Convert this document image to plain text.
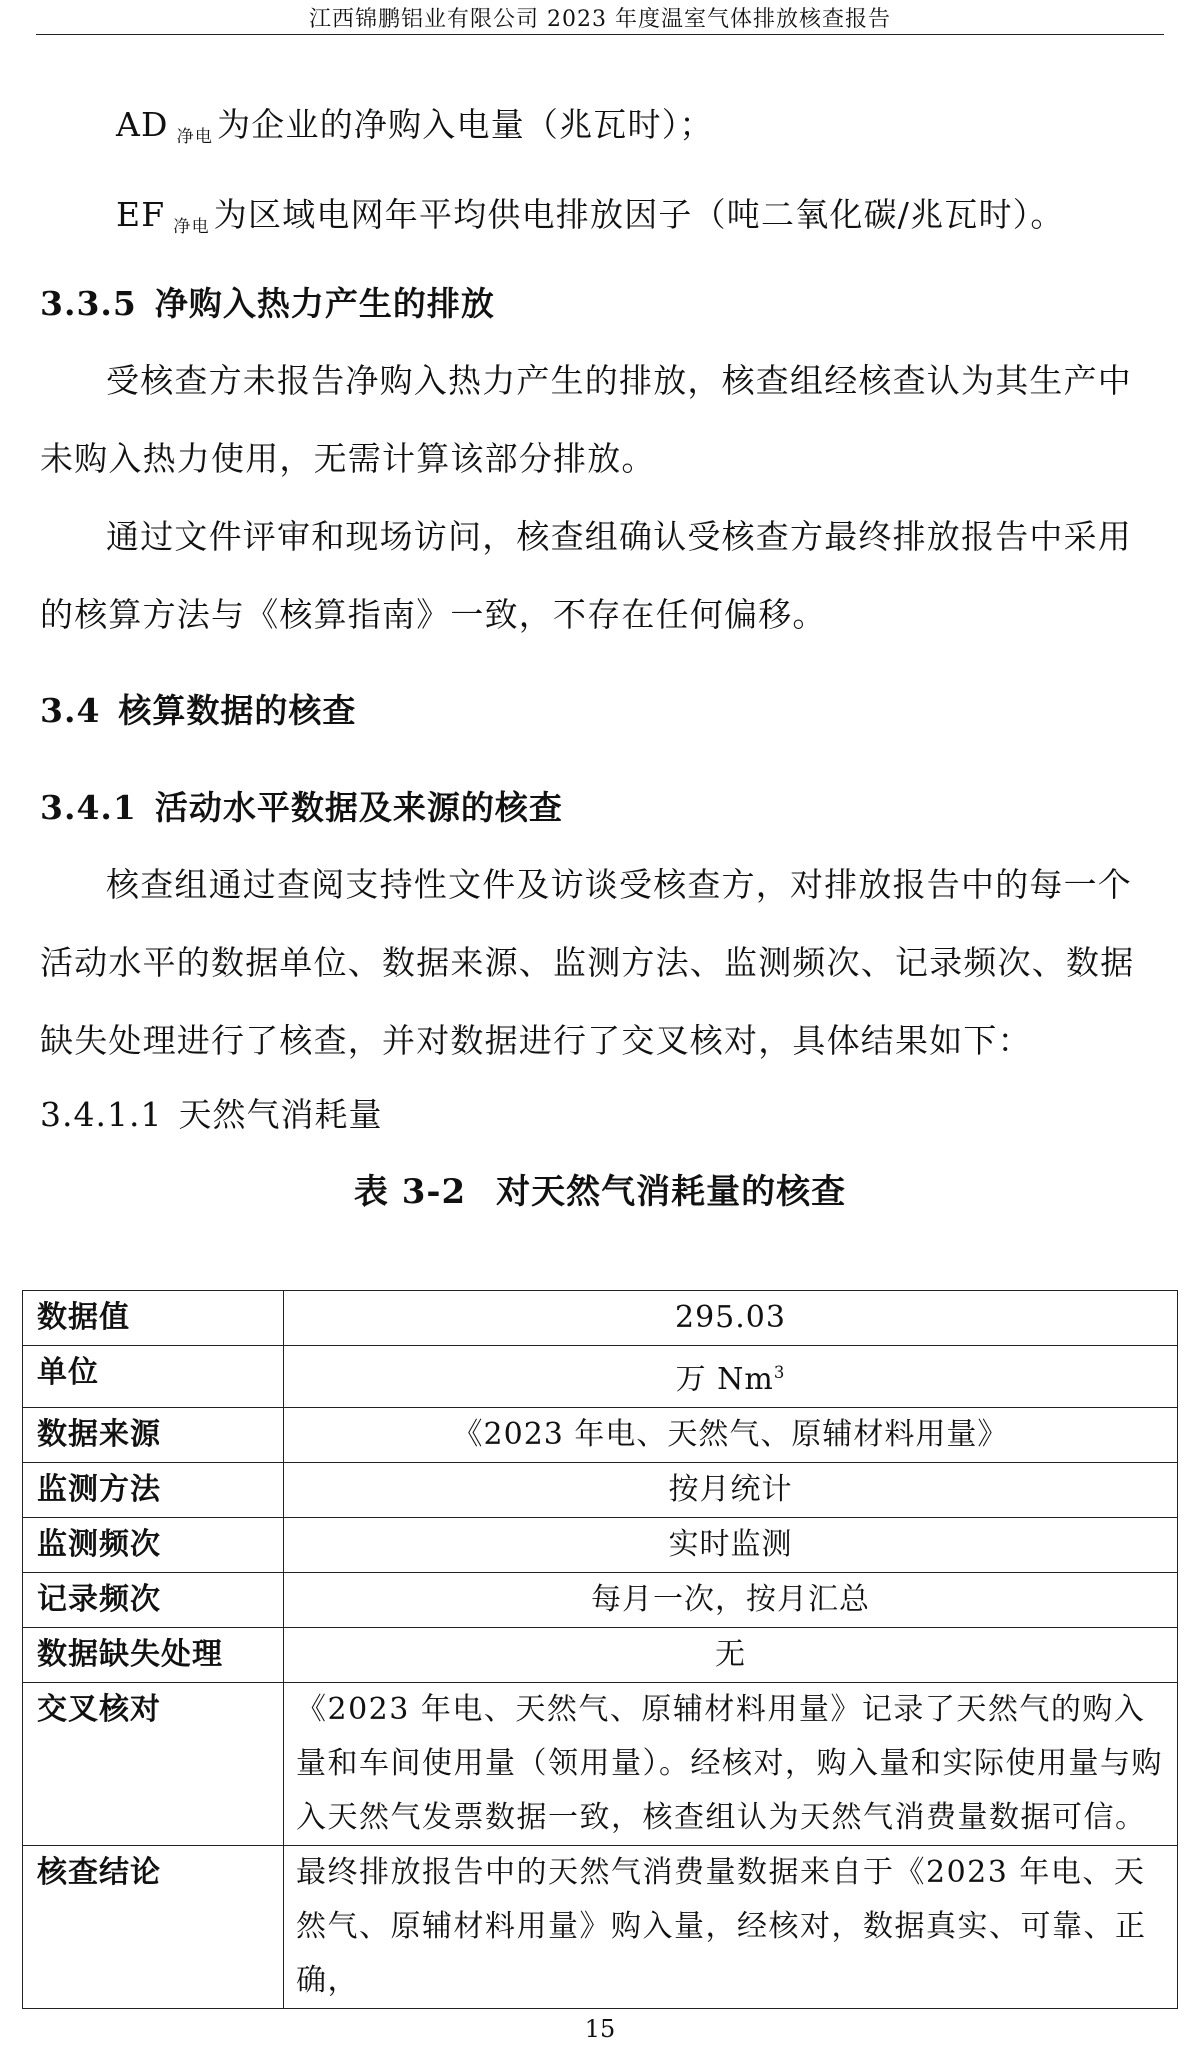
江西锦鹏铝业有限公司 2023 年度温室气体排放核查报告

AD $_{净电}$ 为企业的净购入电量（兆瓦时）；

EF $_{净电}$ 为区域电网年平均供电排放因子（吨二氧化碳/兆瓦时）。

3.3.5 净购入热力产生的排放

受核查方未报告净购入热力产生的排放，核查组经核查认为其生产中未购入热力使用，无需计算该部分排放。

通过文件评审和现场访问，核查组确认受核查方最终排放报告中采用的核算方法与《核算指南》一致，不存在任何偏移。

3.4 核算数据的核查
3.4.1 活动水平数据及来源的核查

核查组通过查阅支持性文件及访谈受核查方，对排放报告中的每一个活动水平的数据单位、数据来源、监测方法、监测频次、记录频次、数据缺失处理进行了核查，并对数据进行了交叉核对，具体结果如下：

3.4.1.1 天然气消耗量

表 3-2 对天然气消耗量的核查
数据值	295.03
单位	万 Nm$^3$
数据来源	《2023 年电、天然气、原辅材料用量》
监测方法	按月统计
监测频次	实时监测
记录频次	每月一次，按月汇总
数据缺失处理	无
交叉核对	《2023 年电、天然气、原辅材料用量》记录了天然气的购入量和车间使用量（领用量）。经核对，购入量和实际使用量与购入天然气发票数据一致，核查组认为天然气消费量数据可信。
核查结论	最终排放报告中的天然气消费量数据来自于《2023 年电、天然气、原辅材料用量》购入量，经核对，数据真实、可靠、正确，
15
